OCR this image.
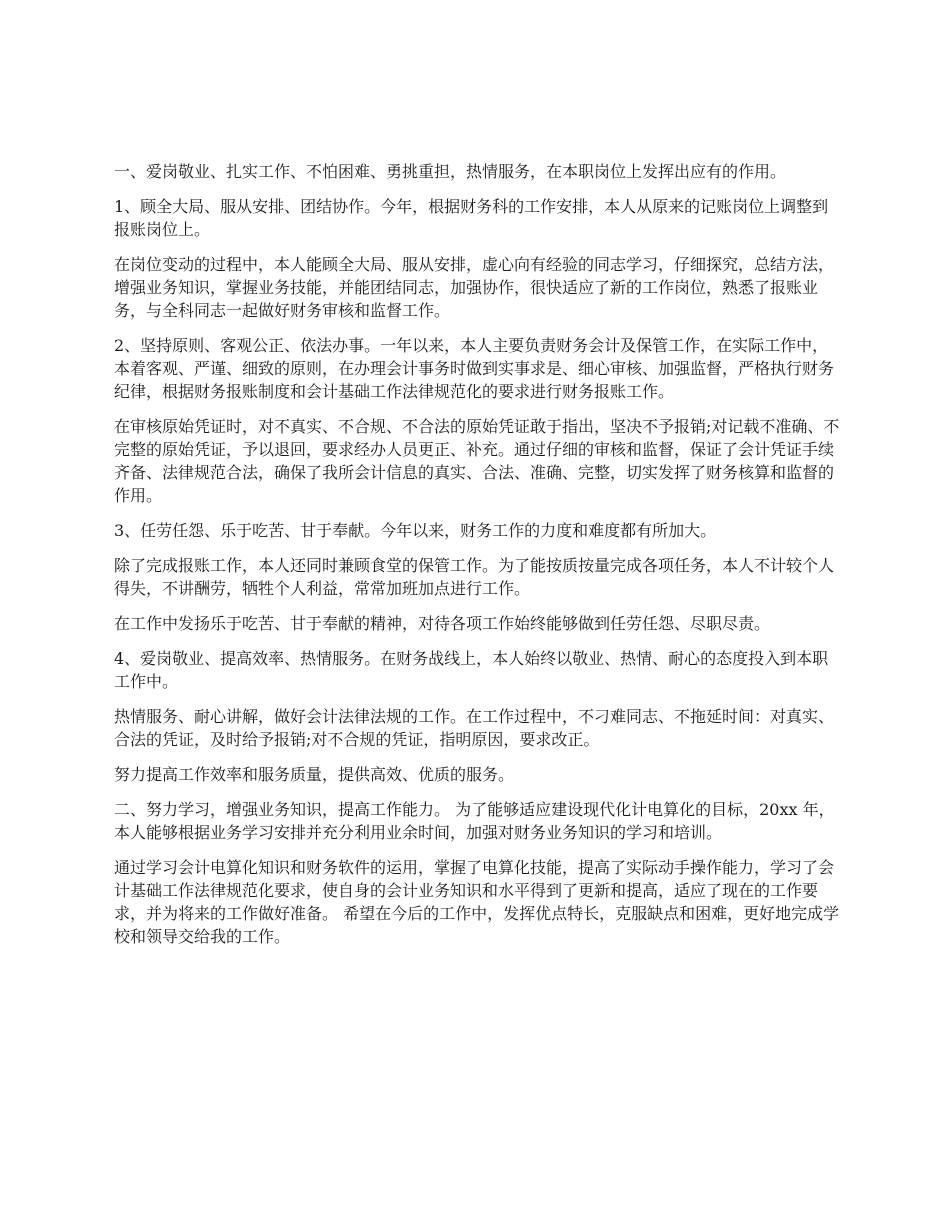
一、爱岗敬业、扎实工作、不怕困难、勇挑重担，热情服务，在本职岗位上发挥出应有的作用。

1、顾全大局、服从安排、团结协作。今年，根据财务科的工作安排，本人从原来的记账岗位上调整到报账岗位上。

在岗位变动的过程中，本人能顾全大局、服从安排，虚心向有经验的同志学习，仔细探究，总结方法，增强业务知识，掌握业务技能，并能团结同志，加强协作，很快适应了新的工作岗位，熟悉了报账业务，与全科同志一起做好财务审核和监督工作。

2、坚持原则、客观公正、依法办事。一年以来，本人主要负责财务会计及保管工作，在实际工作中，本着客观、严谨、细致的原则，在办理会计事务时做到实事求是、细心审核、加强监督，严格执行财务纪律，根据财务报账制度和会计基础工作法律规范化的要求进行财务报账工作。

在审核原始凭证时，对不真实、不合规、不合法的原始凭证敢于指出，坚决不予报销;对记载不准确、不完整的原始凭证，予以退回，要求经办人员更正、补充。通过仔细的审核和监督，保证了会计凭证手续齐备、法律规范合法，确保了我所会计信息的真实、合法、准确、完整，切实发挥了财务核算和监督的作用。

3、任劳任怨、乐于吃苦、甘于奉献。今年以来，财务工作的力度和难度都有所加大。

除了完成报账工作，本人还同时兼顾食堂的保管工作。为了能按质按量完成各项任务，本人不计较个人得失，不讲酬劳，牺牲个人利益，常常加班加点进行工作。

在工作中发扬乐于吃苦、甘于奉献的精神，对待各项工作始终能够做到任劳任怨、尽职尽责。

4、爱岗敬业、提高效率、热情服务。在财务战线上，本人始终以敬业、热情、耐心的态度投入到本职工作中。

热情服务、耐心讲解，做好会计法律法规的工作。在工作过程中，不刁难同志、不拖延时间：对真实、合法的凭证，及时给予报销;对不合规的凭证，指明原因，要求改正。

努力提高工作效率和服务质量，提供高效、优质的服务。

二、努力学习，增强业务知识，提高工作能力。 为了能够适应建设现代化计电算化的目标，20xx 年，本人能够根据业务学习安排并充分利用业余时间，加强对财务业务知识的学习和培训。

通过学习会计电算化知识和财务软件的运用，掌握了电算化技能，提高了实际动手操作能力，学习了会计基础工作法律规范化要求，使自身的会计业务知识和水平得到了更新和提高，适应了现在的工作要求，并为将来的工作做好准备。 希望在今后的工作中，发挥优点特长，克服缺点和困难，更好地完成学校和领导交给我的工作。
